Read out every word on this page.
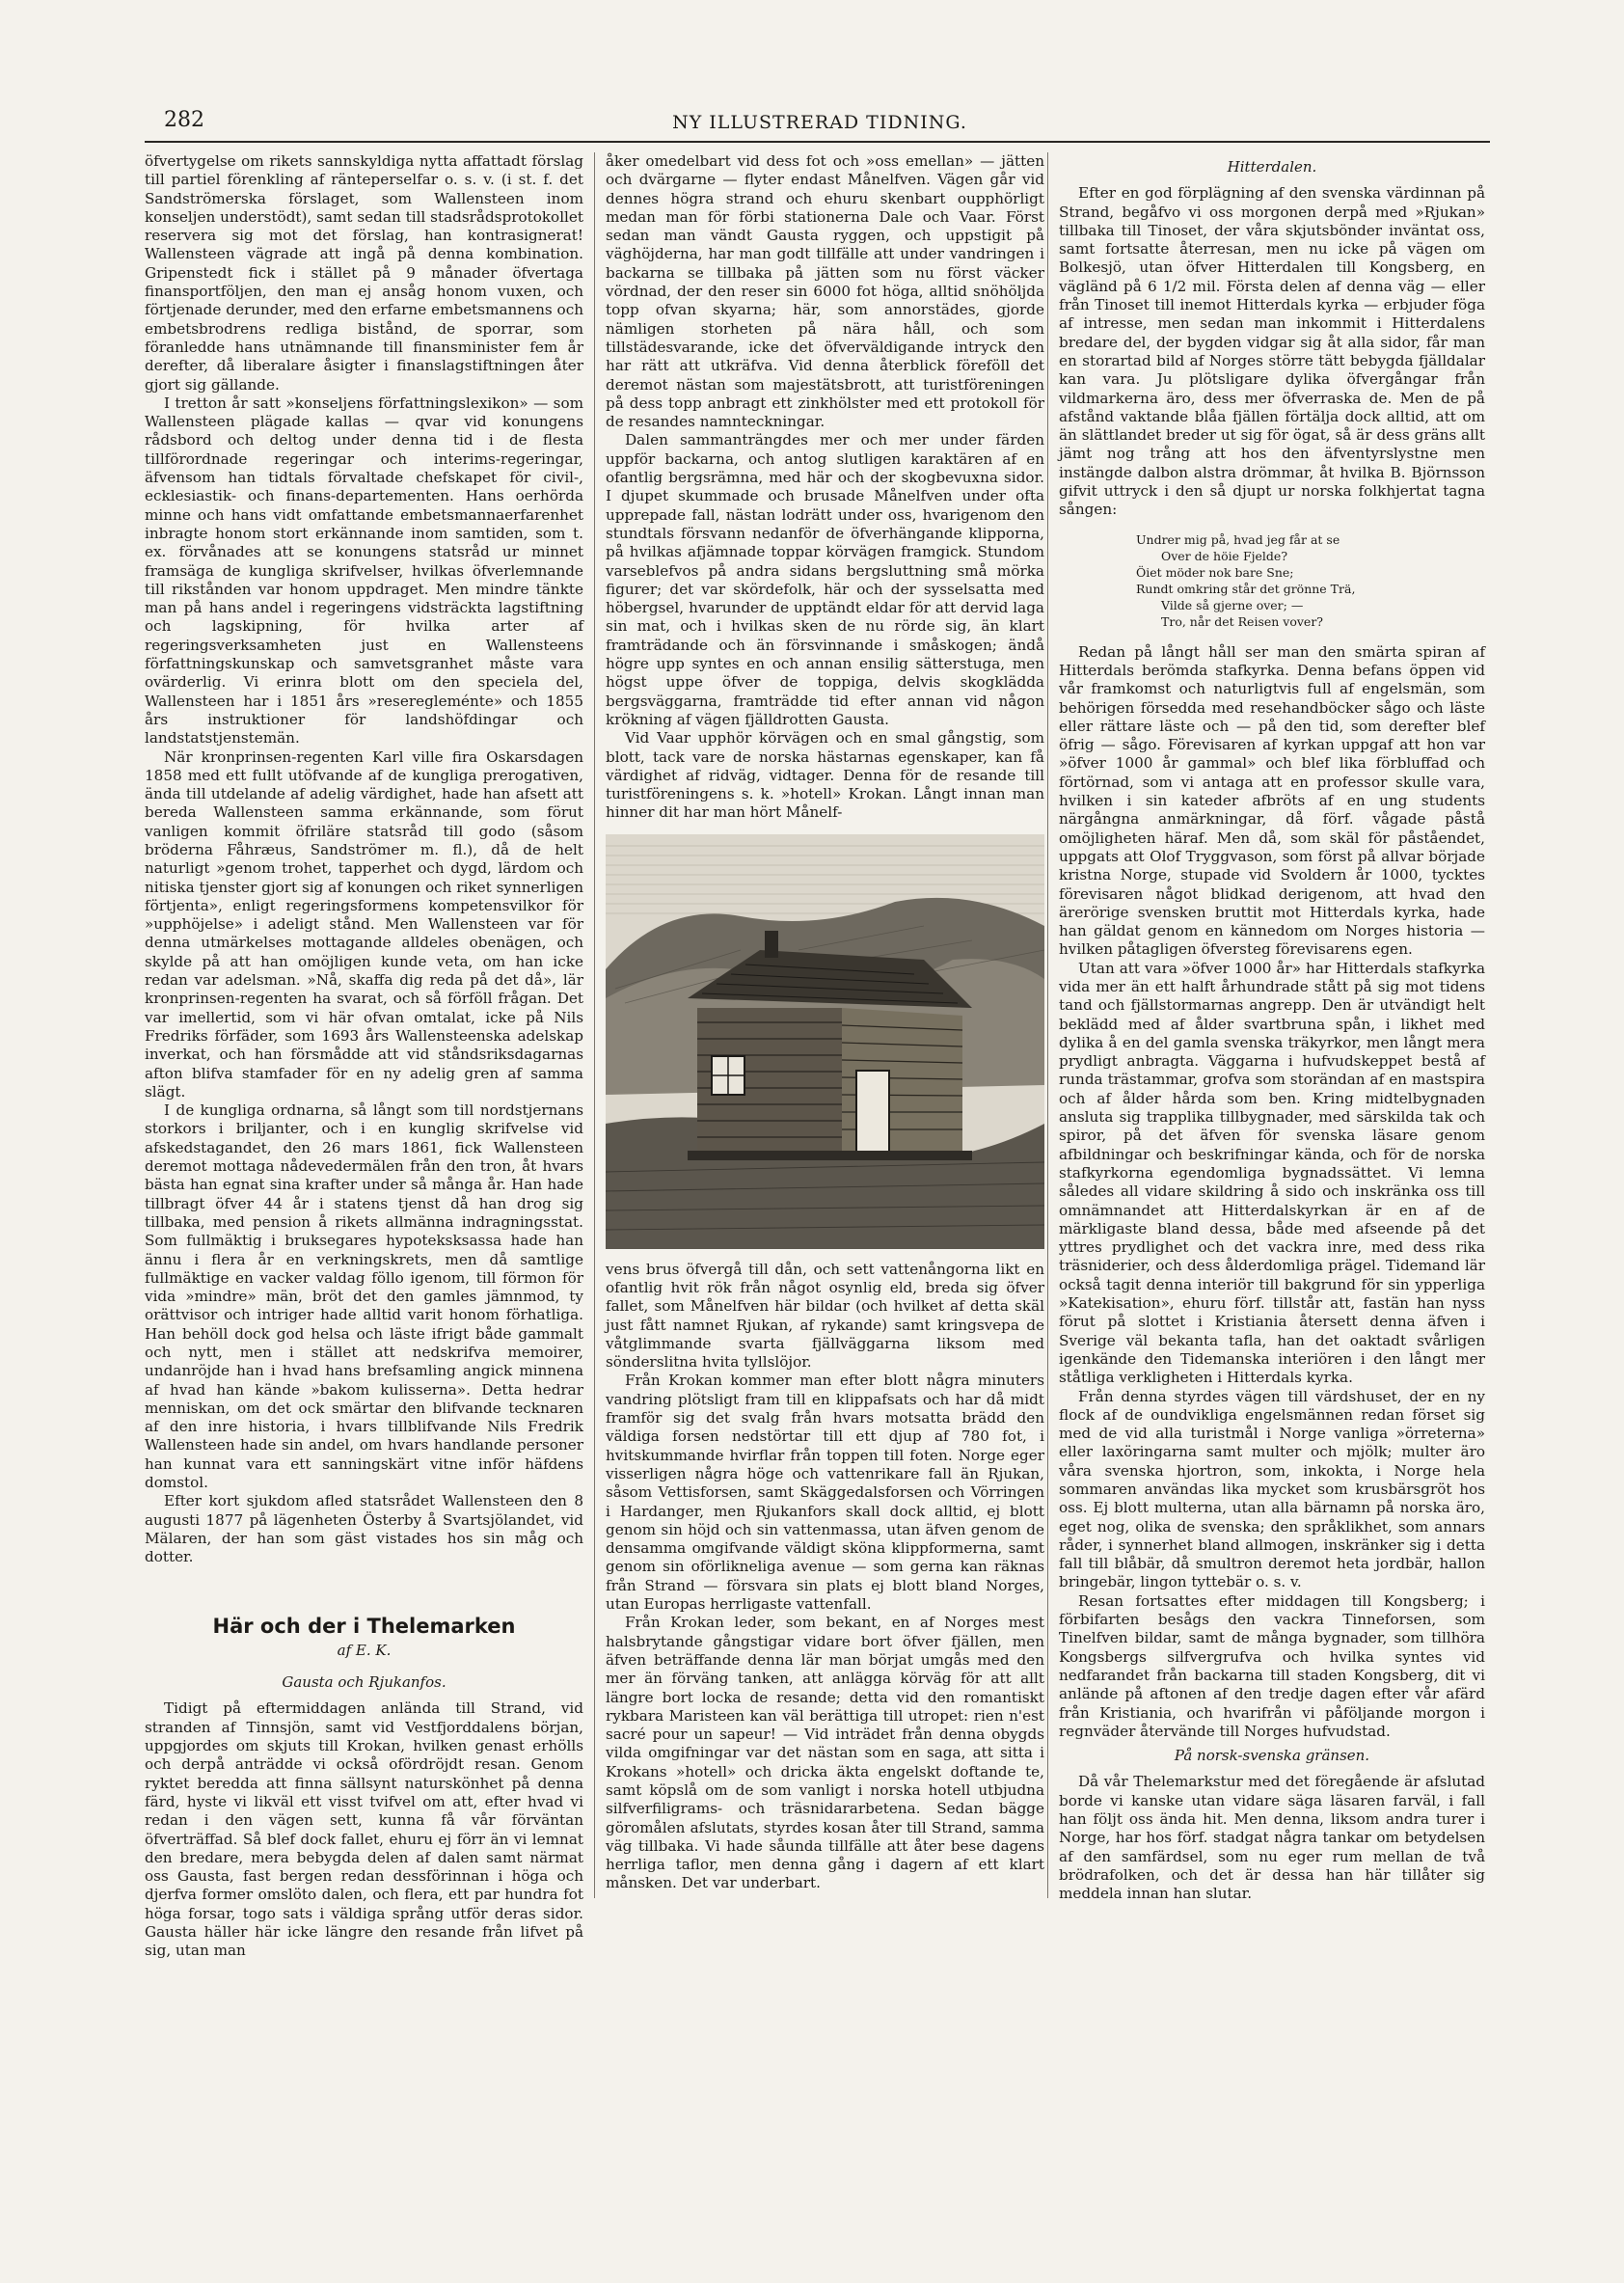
282	NY ILLUSTRERAD TIDNING.

öfvertygelse om rikets sannskyldiga nytta affattadt förslag till partiel förenkling af ränteperselfar o. s. v. (i st. f. det Sandströmerska förslaget, som Wallensteen inom konseljen understödt), samt sedan till stadsrådsprotokollet reservera sig mot det förslag, han kontrasignerat! Wallensteen vägrade att ingå på denna kombination. Gripenstedt fick i stället på 9 månader öfvertaga finansportföljen, den man ej ansåg honom vuxen, och förtjenade derunder, med den erfarne embetsmannens och embetsbrodrens redliga bistånd, de sporrar, som föranledde hans utnämnande till finansminister fem år derefter, då liberalare åsigter i finanslagstiftningen åter gjort sig gällande.

I tretton år satt »konseljens författningslexikon» — som Wallensteen plägade kallas — qvar vid konungens rådsbord och deltog under denna tid i de flesta tillförordnade regeringar och interims-regeringar, äfvensom han tidtals förvaltade chefskapet för civil-, ecklesiastik- och finans-departementen. Hans oerhörda minne och hans vidt omfattande embetsmannaerfarenhet inbragte honom stort erkännande inom samtiden, som t. ex. förvånades att se konungens statsråd ur minnet framsäga de kungliga skrifvelser, hvilkas öfverlemnande till rikstånden var honom uppdraget. Men mindre tänkte man på hans andel i regeringens vidsträckta lagstiftning och lagskipning, för hvilka arter af regeringsverksamheten just en Wallensteens författningskunskap och samvetsgranhet måste vara ovärderlig. Vi erinra blott om den speciela del, Wallensteen har i 1851 års »reseregleménte» och 1855 års instruktioner för landshöfdingar och landstatstjenstemän.

När kronprinsen-regenten Karl ville fira Oskarsdagen 1858 med ett fullt utöfvande af de kungliga prerogativen, ända till utdelande af adelig värdighet, hade han afsett att bereda Wallensteen samma erkännande, som förut vanligen kommit öfriläre statsråd till godo (såsom bröderna Fåhræus, Sandströmer m. fl.), då de helt naturligt »genom trohet, tapperhet och dygd, lärdom och nitiska tjenster gjort sig af konungen och riket synnerligen förtjenta», enligt regeringsformens kompetensvilkor för »upphöjelse» i adeligt stånd. Men Wallensteen var för denna utmärkelses mottagande alldeles obenägen, och skylde på att han omöjligen kunde veta, om han icke redan var adelsman. »Nå, skaffa dig reda på det då», lär kronprinsen-regenten ha svarat, och så förföll frågan. Det var imellertid, som vi här ofvan omtalat, icke på Nils Fredriks förfäder, som 1693 års Wallensteenska adelskap inverkat, och han försmådde att vid ståndsriksdagarnas afton blifva stamfader för en ny adelig gren af samma slägt.

I de kungliga ordnarna, så långt som till nordstjernans storkors i briljanter, och i en kunglig skrifvelse vid afskedstagandet, den 26 mars 1861, fick Wallensteen deremot mottaga nådevedermälen från den tron, åt hvars bästa han egnat sina krafter under så många år. Han hade tillbragt öfver 44 år i statens tjenst då han drog sig tillbaka, med pension å rikets allmänna indragningsstat. Som fullmäktig i bruksegares hypoteksksassa hade han ännu i flera år en verkningskrets, men då samtlige fullmäktige en vacker valdag föllo igenom, till förmon för vida »mindre» män, bröt det den gamles jämnmod, ty orättvisor och intriger hade alltid varit honom förhatliga. Han behöll dock god helsa och läste ifrigt både gammalt och nytt, men i stället att nedskrifva memoirer, undanröjde han i hvad hans brefsamling angick minnena af hvad han kände »bakom kulisserna». Detta hedrar menniskan, om det ock smärtar den blifvande tecknaren af den inre historia, i hvars tillblifvande Nils Fredrik Wallensteen hade sin andel, om hvars handlande personer han kunnat vara ett sanningskärt vitne inför häfdens domstol.

Efter kort sjukdom afled statsrådet Wallensteen den 8 augusti 1877 på lägenheten Österby å Svartsjölandet, vid Mälaren, der han som gäst vistades hos sin måg och dotter.

Här och der i Thelemarken

af E. K.

Gausta och Rjukanfos.

Tidigt på eftermiddagen anlända till Strand, vid stranden af Tinnsjön, samt vid Vestfjorddalens början, uppgjordes om skjuts till Krokan, hvilken genast erhölls och derpå anträdde vi också ofördröjdt resan. Genom ryktet beredda att finna sällsynt naturskönhet på denna färd, hyste vi likväl ett visst tvifvel om att, efter hvad vi redan i den vägen sett, kunna få vår förväntan öfverträffad. Så blef dock fallet, ehuru ej förr än vi lemnat den bredare, mera bebygda delen af dalen samt närmat oss Gausta, fast bergen redan dessförinnan i höga och djerfva former omslöto dalen, och flera, ett par hundra fot höga forsar, togo sats i väldiga språng utför deras sidor. Gausta häller här icke längre den resande från lifvet på sig, utan man

åker omedelbart vid dess fot och »oss emellan» — jätten och dvärgarne — flyter endast Månelfven. Vägen går vid dennes högra strand och ehuru skenbart oupphörligt medan man för förbi stationerna Dale och Vaar. Först sedan man vändt Gausta ryggen, och uppstigit på väghöjderna, har man godt tillfälle att under vandringen i backarna se tillbaka på jätten som nu först väcker vördnad, der den reser sin 6000 fot höga, alltid snöhöljda topp ofvan skyarna; här, som annorstädes, gjorde nämligen storheten på nära håll, och som tillstädesvarande, icke det öfverväldigande intryck den har rätt att utkräfva. Vid denna återblick föreföll det deremot nästan som majestätsbrott, att turistföreningen på dess topp anbragt ett zinkhölster med ett protokoll för de resandes namnteckningar.

Dalen sammanträngdes mer och mer under färden uppför backarna, och antog slutligen karaktären af en ofantlig bergsrämna, med här och der skogbevuxna sidor. I djupet skummade och brusade Månelfven under ofta upprepade fall, nästan lodrätt under oss, hvarigenom den stundtals försvann nedanför de öfverhängande klipporna, på hvilkas afjämnade toppar körvägen framgick. Stundom varseblefvos på andra sidans bergsluttning små mörka figurer; det var skördefolk, här och der sysselsatta med höbergsel, hvarunder de upptändt eldar för att dervid laga sin mat, och i hvilkas sken de nu rörde sig, än klart framträdande och än försvinnande i småskogen; ändå högre upp syntes en och annan ensilig sätterstuga, men högst uppe öfver de toppiga, delvis skogklädda bergsväggarna, framträdde tid efter annan vid någon krökning af vägen fjälldrotten Gausta.

Vid Vaar upphör körvägen och en smal gångstig, som blott, tack vare de norska hästarnas egenskaper, kan få värdighet af ridväg, vidtager. Denna för de resande till turistföreningens s. k. »hotell» Krokan. Långt innan man hinner dit har man hört Månelf-

vens brus öfvergå till dån, och sett vattenångorna likt en ofantlig hvit rök från något osynlig eld, breda sig öfver fallet, som Månelfven här bildar (och hvilket af detta skäl just fått namnet Rjukan, af rykande) samt kringsvepa de våtglimmande svarta fjällväggarna liksom med sönderslitna hvita tyllslöjor.

Från Krokan kommer man efter blott några minuters vandring plötsligt fram till en klippafsats och har då midt framför sig det svalg från hvars motsatta brädd den väldiga forsen nedstörtar till ett djup af 780 fot, i hvitskummande hvirflar från toppen till foten. Norge eger visserligen några höge och vattenrikare fall än Rjukan, såsom Vettisforsen, samt Skäggedalsforsen och Vörringen i Hardanger, men Rjukanfors skall dock alltid, ej blott genom sin höjd och sin vattenmassa, utan äfven genom de densamma omgifvande väldigt sköna klippformerna, samt genom sin oförlikneliga avenue — som gerna kan räknas från Strand — försvara sin plats ej blott bland Norges, utan Europas herrligaste vattenfall.

Från Krokan leder, som bekant, en af Norges mest halsbrytande gångstigar vidare bort öfver fjällen, men äfven beträffande denna lär man börjat umgås med den mer än förväng tanken, att anlägga körväg för att allt längre bort locka de resande; detta vid den romantiskt rykbara Maristeen kan väl berättiga till utropet: rien n'est sacré pour un sapeur! — Vid inträdet från denna obygds vilda omgifningar var det nästan som en saga, att sitta i Krokans »hotell» och dricka äkta engelskt doftande te, samt köpslå om de som vanligt i norska hotell utbjudna silfverfiligrams- och träsnidararbetena. Sedan bägge göromålen afslutats, styrdes kosan åter till Strand, samma väg tillbaka. Vi hade såunda tillfälle att åter bese dagens herrliga taflor, men denna gång i dagern af ett klart månsken. Det var underbart.

Hitterdalen.

Efter en god förplägning af den svenska värdinnan på Strand, begåfvo vi oss morgonen derpå med »Rjukan» tillbaka till Tinoset, der våra skjutsbönder inväntat oss, samt fortsatte återresan, men nu icke på vägen om Bolkesjö, utan öfver Hitterdalen till Kongsberg, en vägländ på 6 1/2 mil. Första delen af denna väg — eller från Tinoset till inemot Hitterdals kyrka — erbjuder föga af intresse, men sedan man inkommit i Hitterdalens bredare del, der bygden vidgar sig åt alla sidor, får man en storartad bild af Norges större tätt bebygda fjälldalar kan vara. Ju plötsligare dylika öfvergångar från vildmarkerna äro, dess mer öfverraska de. Men de på afstånd vaktande blåa fjällen förtälja dock alltid, att om än slättlandet breder ut sig för ögat, så är dess gräns allt jämt nog trång att hos den äfventyrslystne men instängde dalbon alstra drömmar, åt hvilka B. Björnsson gifvit uttryck i den så djupt ur norska folkhjertat tagna sången:

Undrer mig på, hvad jeg får at se
Over de höie Fjelde?
Öiet möder nok bare Sne;
Rundt omkring står det grönne Trä,
Vilde så gjerne over; —
Tro, når det Reisen vover?

Redan på långt håll ser man den smärta spiran af Hitterdals berömda stafkyrka. Denna befans öppen vid vår framkomst och naturligtvis full af engelsmän, som behörigen försedda med resehandböcker sågo och läste eller rättare läste och — på den tid, som derefter blef öfrig — sågo. Förevisaren af kyrkan uppgaf att hon var »öfver 1000 år gammal» och blef lika förbluffad och förtörnad, som vi antaga att en professor skulle vara, hvilken i sin kateder afbröts af en ung students närgångna anmärkningar, då förf. vågade påstå omöjligheten häraf. Men då, som skäl för påståendet, uppgats att Olof Tryggvason, som först på allvar började kristna Norge, stupade vid Svoldern år 1000, tycktes förevisaren något blidkad derigenom, att hvad den ärerörige svensken bruttit mot Hitterdals kyrka, hade han gäldat genom en kännedom om Norges historia — hvilken påtagligen öfversteg förevisarens egen.

Utan att vara »öfver 1000 år» har Hitterdals stafkyrka vida mer än ett halft århundrade stått på sig mot tidens tand och fjällstormarnas angrepp. Den är utvändigt helt beklädd med af ålder svartbruna spån, i likhet med dylika å en del gamla svenska träkyrkor, men långt mera prydligt anbragta. Väggarna i hufvudskeppet bestå af runda trästammar, grofva som storändan af en mastspira och af ålder hårda som ben. Kring midtelbygnaden ansluta sig trapplika tillbygnader, med särskilda tak och spiror, på det äfven för svenska läsare genom afbildningar och beskrifningar kända, och för de norska stafkyrkorna egendomliga bygnadssättet. Vi lemna således all vidare skildring å sido och inskränka oss till omnämnandet att Hitterdalskyrkan är en af de märkligaste bland dessa, både med afseende på det yttres prydlighet och det vackra inre, med dess rika träsniderier, och dess ålderdomliga prägel. Tidemand lär också tagit denna interiör till bakgrund för sin ypperliga »Katekisation», ehuru förf. tillstår att, fastän han nyss förut på slottet i Kristiania återsett denna äfven i Sverige väl bekanta tafla, han det oaktadt svårligen igenkände den Tidemanska interiören i den långt mer ståtliga verkligheten i Hitterdals kyrka.

Från denna styrdes vägen till värdshuset, der en ny flock af de oundvikliga engelsmännen redan förset sig med de vid alla turistmål i Norge vanliga »örreterna» eller laxöringarna samt multer och mjölk; multer äro våra svenska hjortron, som, inkokta, i Norge hela sommaren användas lika mycket som krusbärsgröt hos oss. Ej blott multerna, utan alla bärnamn på norska äro, eget nog, olika de svenska; den språklikhet, som annars råder, i synnerhet bland allmogen, inskränker sig i detta fall till blåbär, då smultron deremot heta jordbär, hallon bringebär, lingon tyttebär o. s. v.

Resan fortsattes efter middagen till Kongsberg; i förbifarten besågs den vackra Tinneforsen, som Tinelfven bildar, samt de många bygnader, som tillhöra Kongsbergs silfvergrufva och hvilka syntes vid nedfarandet från backarna till staden Kongsberg, dit vi anlände på aftonen af den tredje dagen efter vår afärd från Kristiania, och hvarifrån vi påföljande morgon i regnväder återvände till Norges hufvudstad.

På norsk-svenska gränsen.

Då vår Thelemarkstur med det föregående är afslutad borde vi kanske utan vidare säga läsaren farväl, i fall han följt oss ända hit. Men denna, liksom andra turer i Norge, har hos förf. stadgat några tankar om betydelsen af den samfärdsel, som nu eger rum mellan de två brödrafolken, och det är dessa han här tillåter sig meddela innan han slutar.
